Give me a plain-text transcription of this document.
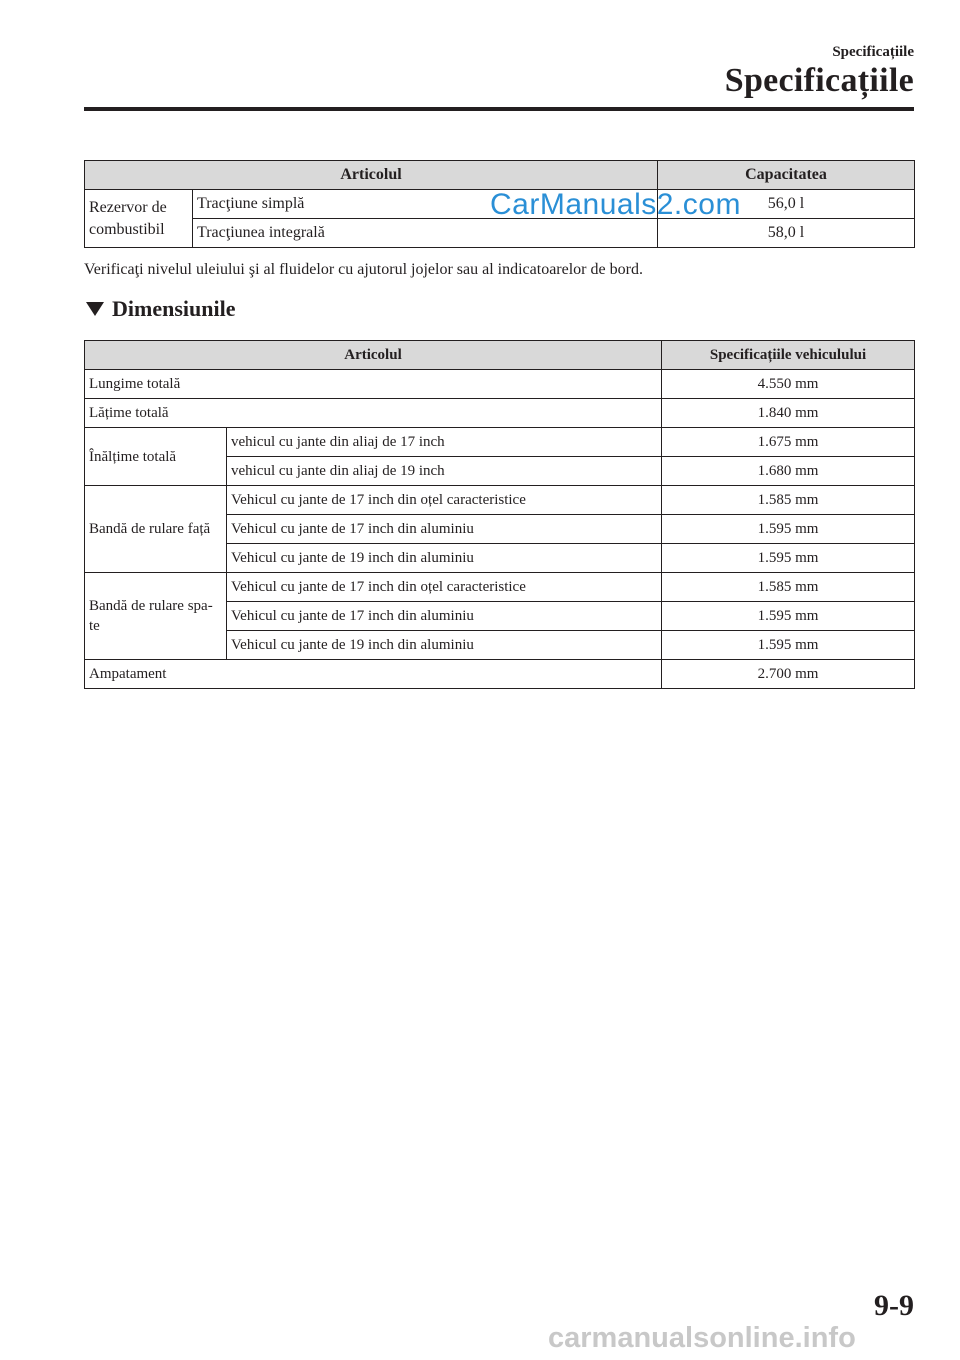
Specificațiile
Specificațiile
Articolul		Capacitatea
Rezervor de combustibil	Tracţiune simplă	56,0 l
	Tracţiunea integrală	58,0 l
CarManuals2.com
Verificaţi nivelul uleiului şi al fluidelor cu ajutorul jojelor sau al indicatoarelor de bord.
Dimensiunile
Articolul		Specificațiile vehiculului
Lungime totală		4.550 mm
Lățime totală		1.840 mm
Înălțime totală	vehicul cu jante din aliaj de 17 inch	1.675 mm
	vehicul cu jante din aliaj de 19 inch	1.680 mm
Bandă de rulare față	Vehicul cu jante de 17 inch din oțel caracteristice	1.585 mm
	Vehicul cu jante de 17 inch din aluminiu	1.595 mm
	Vehicul cu jante de 19 inch din aluminiu	1.595 mm
Bandă de rulare spa-te	Vehicul cu jante de 17 inch din oțel caracteristice	1.585 mm
	Vehicul cu jante de 17 inch din aluminiu	1.595 mm
	Vehicul cu jante de 19 inch din aluminiu	1.595 mm
Ampatament		2.700 mm
9-9
carmanualsonline.info
